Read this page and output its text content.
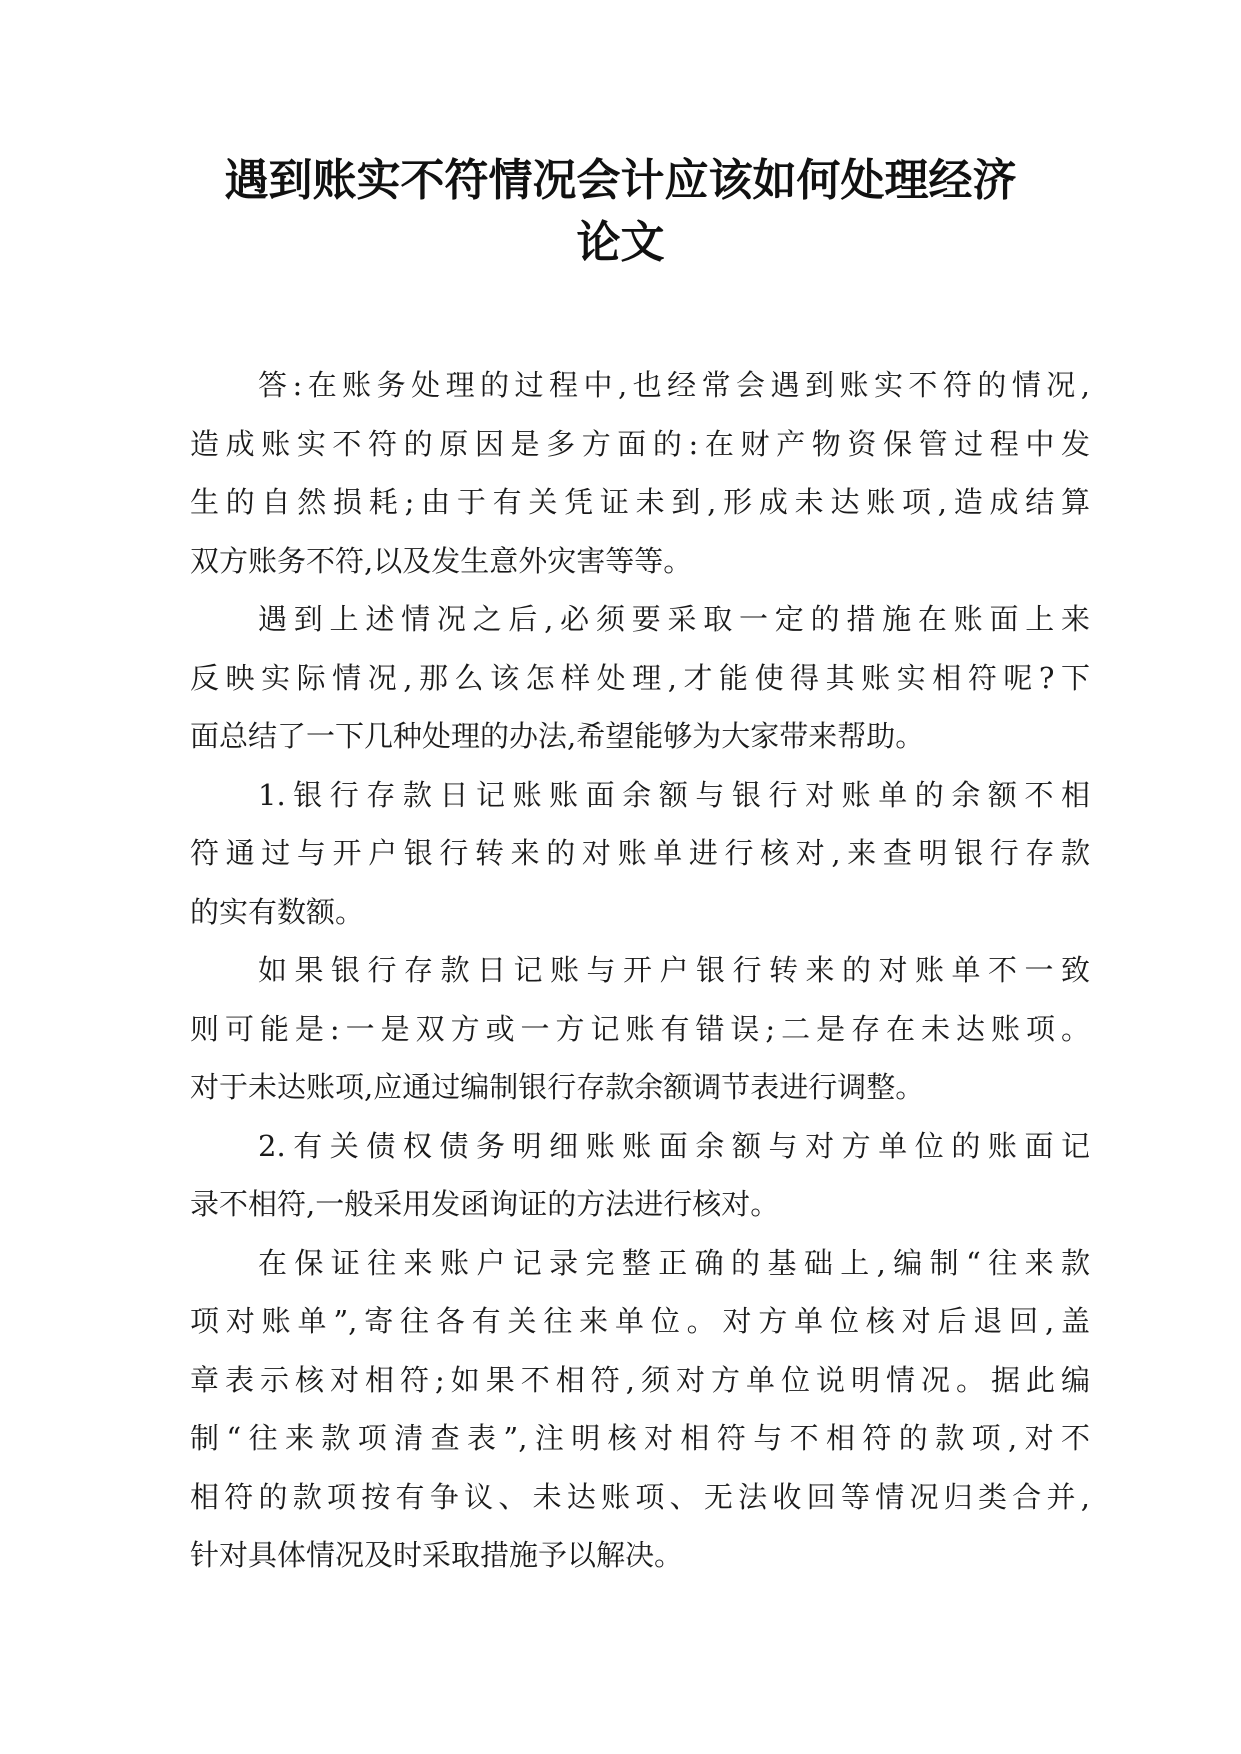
遇到账实不符情况会计应该如何处理经济
论文

答:在账务处理的过程中,也经常会遇到账实不符的情况,
造成账实不符的原因是多方面的:在财产物资保管过程中发
生的自然损耗;由于有关凭证未到,形成未达账项,造成结算
双方账务不符,以及发生意外灾害等等。

遇到上述情况之后,必须要采取一定的措施在账面上来
反映实际情况,那么该怎样处理,才能使得其账实相符呢?下
面总结了一下几种处理的办法,希望能够为大家带来帮助。

1.银行存款日记账账面余额与银行对账单的余额不相
符通过与开户银行转来的对账单进行核对,来查明银行存款
的实有数额。

如果银行存款日记账与开户银行转来的对账单不一致
则可能是:一是双方或一方记账有错误;二是存在未达账项。
对于未达账项,应通过编制银行存款余额调节表进行调整。

2.有关债权债务明细账账面余额与对方单位的账面记
录不相符,一般采用发函询证的方法进行核对。

在保证往来账户记录完整正确的基础上,编制“往来款
项对账单”,寄往各有关往来单位。对方单位核对后退回,盖
章表示核对相符;如果不相符,须对方单位说明情况。据此编
制“往来款项清查表”,注明核对相符与不相符的款项,对不
相符的款项按有争议、未达账项、无法收回等情况归类合并,
针对具体情况及时采取措施予以解决。
